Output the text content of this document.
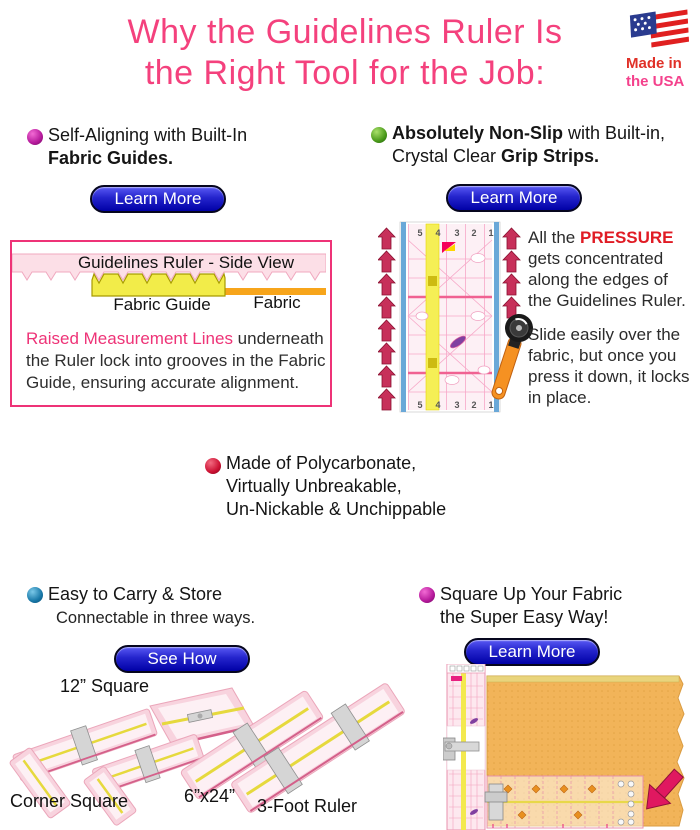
Why the Guidelines Ruler Is
the Right Tool for the Job:	Made in
the USA
Self-Aligning with Built-In
Fabric Guides.
Learn More
Absolutely Non-Slip with Built-in,
Crystal Clear Grip Strips.
Learn More
Guidelines Ruler - Side View
Fabric Guide	Fabric
Raised Measurement Lines underneath the Ruler lock into grooves in the Fabric Guide, ensuring accurate alignment.
5 4 3 2 1
5 4 3 2 1
All the PRESSURE gets concentrated along the edges of the Guidelines Ruler.
Slide easily over the fabric, but once you press it down, it locks in place.
Made of Polycarbonate,
Virtually Unbreakable,
Un-Nickable & Unchippable
Easy to Carry & Store
Connectable in three ways.
See How
12” Square
Corner Square	6”x24” 3-Foot Ruler
Square Up Your Fabric
the Super Easy Way!
Learn More
